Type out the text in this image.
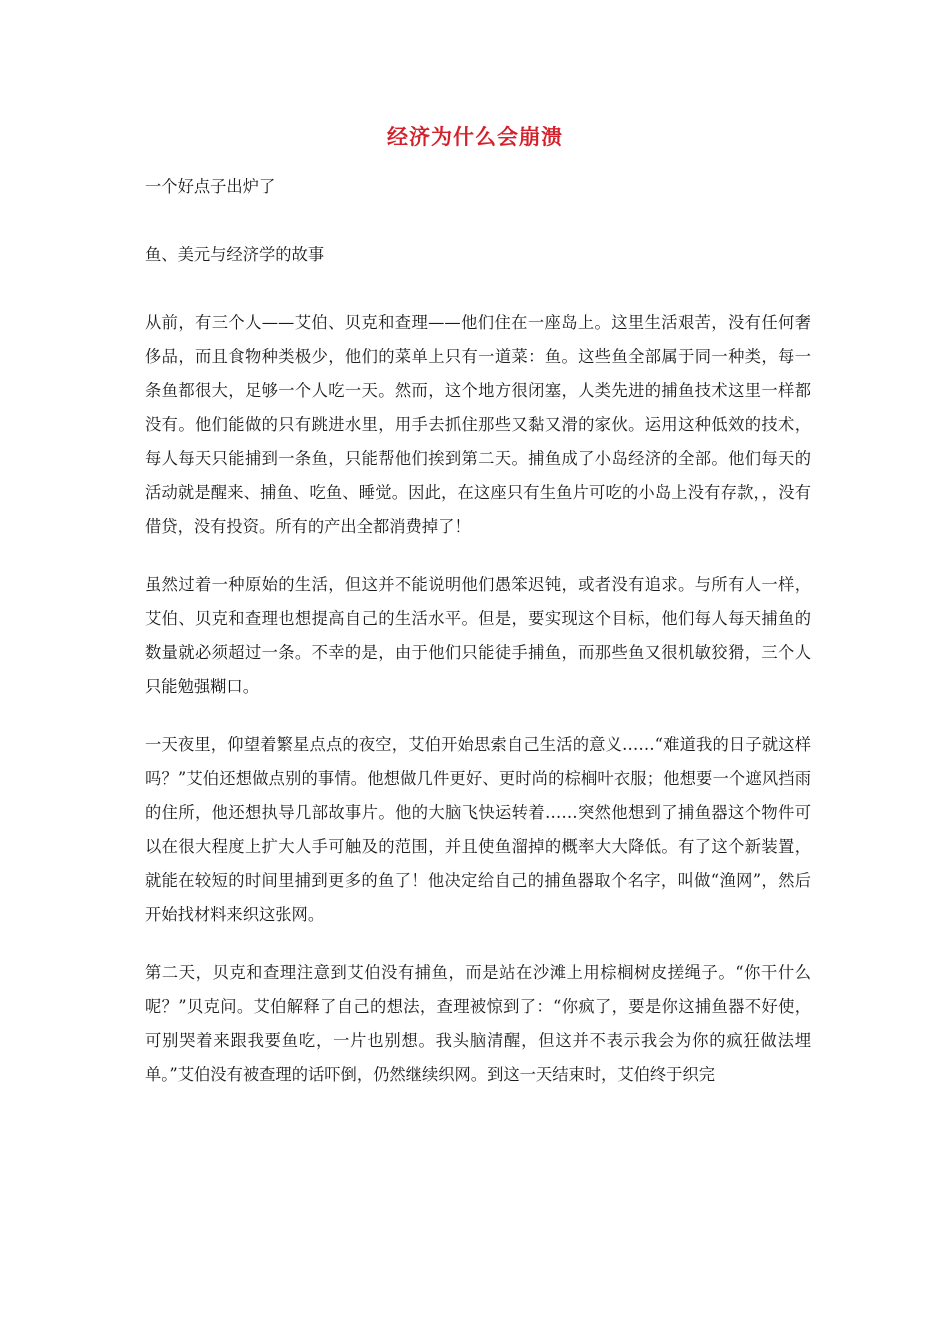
经济为什么会崩溃

一个好点子出炉了

鱼、美元与经济学的故事

从前，有三个人——艾伯、贝克和查理——他们住在一座岛上。这里生活艰苦，没有任何奢侈品，而且食物种类极少，他们的菜单上只有一道菜：鱼。这些鱼全部属于同一种类，每一条鱼都很大，足够一个人吃一天。然而，这个地方很闭塞，人类先进的捕鱼技术这里一样都没有。他们能做的只有跳进水里，用手去抓住那些又黏又滑的家伙。运用这种低效的技术，每人每天只能捕到一条鱼，只能帮他们挨到第二天。捕鱼成了小岛经济的全部。他们每天的活动就是醒来、捕鱼、吃鱼、睡觉。因此，在这座只有生鱼片可吃的小岛上没有存款，，没有借贷，没有投资。所有的产出全都消费掉了！

虽然过着一种原始的生活，但这并不能说明他们愚笨迟钝，或者没有追求。与所有人一样，艾伯、贝克和查理也想提高自己的生活水平。但是，要实现这个目标，他们每人每天捕鱼的数量就必须超过一条。不幸的是，由于他们只能徒手捕鱼，而那些鱼又很机敏狡猾，三个人只能勉强糊口。

一天夜里，仰望着繁星点点的夜空，艾伯开始思索自己生活的意义……“难道我的日子就这样吗？”艾伯还想做点别的事情。他想做几件更好、更时尚的棕榈叶衣服；他想要一个遮风挡雨的住所，他还想执导几部故事片。他的大脑飞快运转着……突然他想到了捕鱼器这个物件可以在很大程度上扩大人手可触及的范围，并且使鱼溜掉的概率大大降低。有了这个新装置，就能在较短的时间里捕到更多的鱼了！他决定给自己的捕鱼器取个名字，叫做“渔网”，然后开始找材料来织这张网。

第二天，贝克和查理注意到艾伯没有捕鱼，而是站在沙滩上用棕榈树皮搓绳子。“你干什么呢？”贝克问。艾伯解释了自己的想法，查理被惊到了：“你疯了，要是你这捕鱼器不好使，可别哭着来跟我要鱼吃，一片也别想。我头脑清醒，但这并不表示我会为你的疯狂做法埋单。”艾伯没有被查理的话吓倒，仍然继续织网。到这一天结束时，艾伯终于织完
